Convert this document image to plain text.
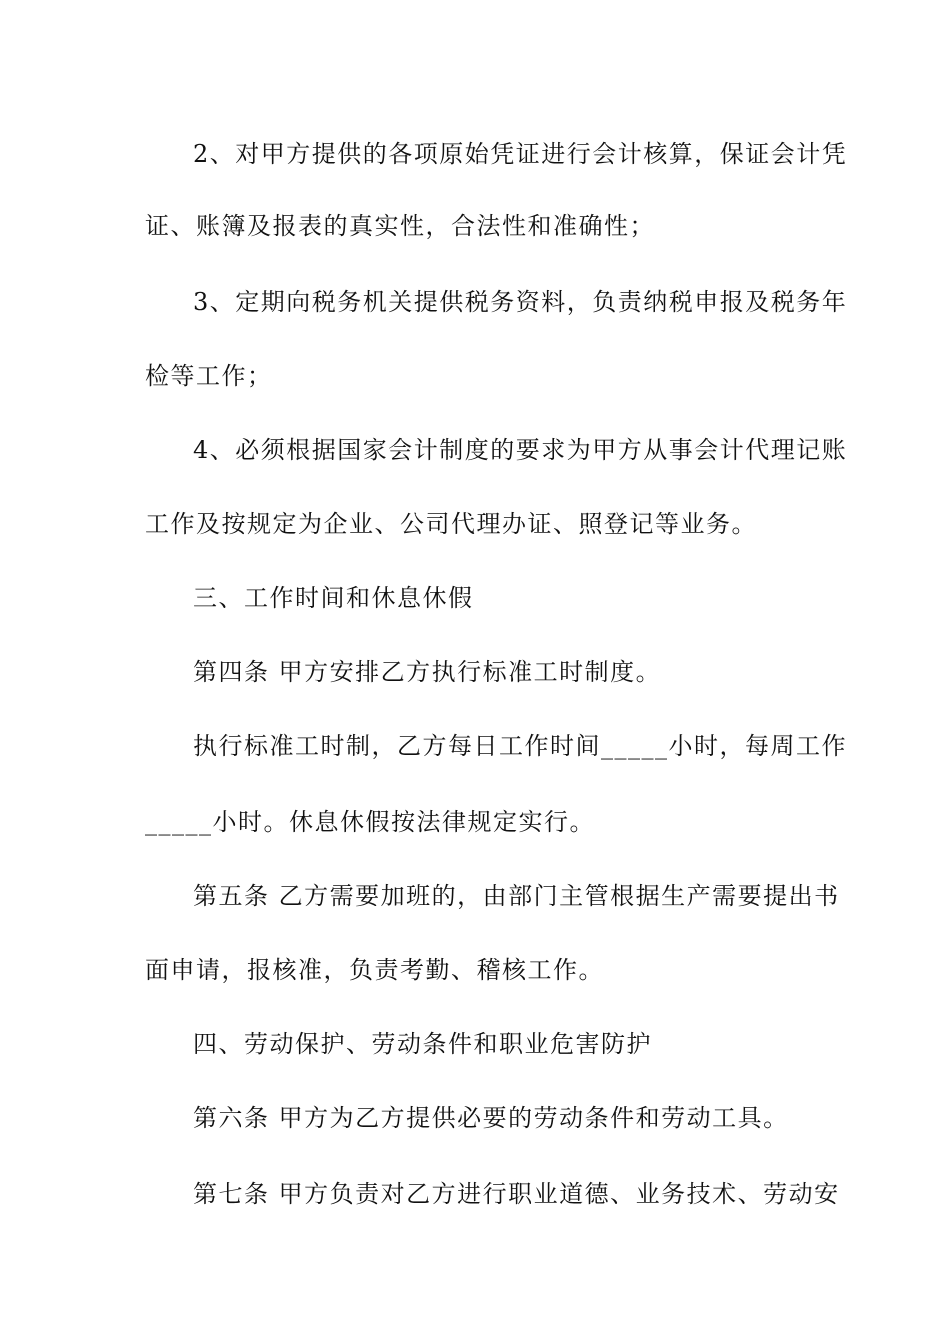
2、对甲方提供的各项原始凭证进行会计核算，保证会计凭
证、账簿及报表的真实性，合法性和准确性；
3、定期向税务机关提供税务资料，负责纳税申报及税务年
检等工作；
4、必须根据国家会计制度的要求为甲方从事会计代理记账
工作及按规定为企业、公司代理办证、照登记等业务。
三、工作时间和休息休假
第四条 甲方安排乙方执行标准工时制度。
执行标准工时制，乙方每日工作时间_____小时，每周工作
_____小时。休息休假按法律规定实行。
第五条 乙方需要加班的，由部门主管根据生产需要提出书
面申请，报核准，负责考勤、稽核工作。
四、劳动保护、劳动条件和职业危害防护
第六条 甲方为乙方提供必要的劳动条件和劳动工具。
第七条 甲方负责对乙方进行职业道德、业务技术、劳动安
